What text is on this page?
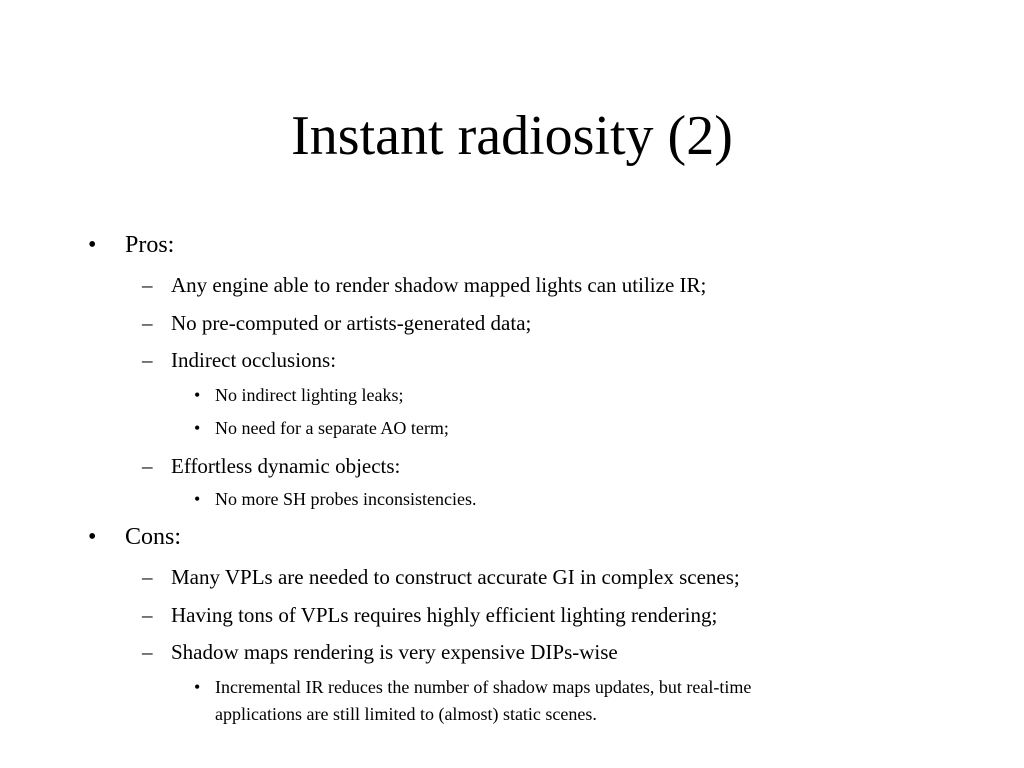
Instant radiosity (2)
• Pros:
– Any engine able to render shadow mapped lights can utilize IR;
– No pre-computed or artists-generated data;
– Indirect occlusions:
• No indirect lighting leaks;
• No need for a separate AO term;
– Effortless dynamic objects:
• No more SH probes inconsistencies.
• Cons:
– Many VPLs are needed to construct accurate GI in complex scenes;
– Having tons of VPLs requires highly efficient lighting rendering;
– Shadow maps rendering is very expensive DIPs-wise
• Incremental IR reduces the number of shadow maps updates, but real-time
applications are still limited to (almost) static scenes.
